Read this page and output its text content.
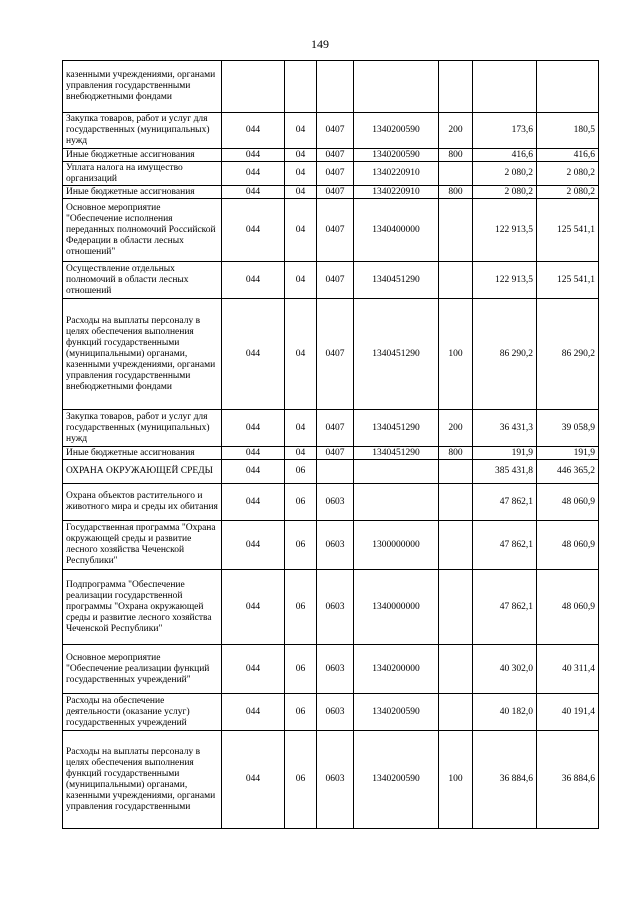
149
казенными учреждениями, органами управления государственными внебюджетными фондами							
Закупка товаров, работ и услуг для государственных (муниципальных) нужд	044	04	0407	1340200590	200	173,6	180,5
Иные бюджетные ассигнования	044	04	0407	1340200590	800	416,6	416,6
Уплата налога на имущество организаций	044	04	0407	1340220910		2 080,2	2 080,2
Иные бюджетные ассигнования	044	04	0407	1340220910	800	2 080,2	2 080,2
Основное мероприятие "Обеспечение исполнения переданных полномочий Российской Федерации в области лесных отношений"	044	04	0407	1340400000		122 913,5	125 541,1
Осуществление отдельных полномочий в области лесных отношений	044	04	0407	1340451290		122 913,5	125 541,1
Расходы на выплаты персоналу в целях обеспечения выполнения функций государственными (муниципальными) органами, казенными учреждениями, органами управления государственными внебюджетными фондами	044	04	0407	1340451290	100	86 290,2	86 290,2
Закупка товаров, работ и услуг для государственных (муниципальных) нужд	044	04	0407	1340451290	200	36 431,3	39 058,9
Иные бюджетные ассигнования	044	04	0407	1340451290	800	191,9	191,9
ОХРАНА ОКРУЖАЮЩЕЙ СРЕДЫ	044	06				385 431,8	446 365,2
Охрана объектов растительного и животного мира и среды их обитания	044	06	0603			47 862,1	48 060,9
Государственная программа "Охрана окружающей среды и развитие лесного хозяйства Чеченской Республики"	044	06	0603	1300000000		47 862,1	48 060,9
Подпрограмма "Обеспечение реализации государственной программы "Охрана окружающей среды и развитие лесного хозяйства Чеченской Республики"	044	06	0603	1340000000		47 862,1	48 060,9
Основное мероприятие "Обеспечение реализации функций государственных учреждений"	044	06	0603	1340200000		40 302,0	40 311,4
Расходы на обеспечение деятельности (оказание услуг) государственных учреждений	044	06	0603	1340200590		40 182,0	40 191,4
Расходы на выплаты персоналу в целях обеспечения выполнения функций государственными (муниципальными) органами, казенными учреждениями, органами управления государственными	044	06	0603	1340200590	100	36 884,6	36 884,6
